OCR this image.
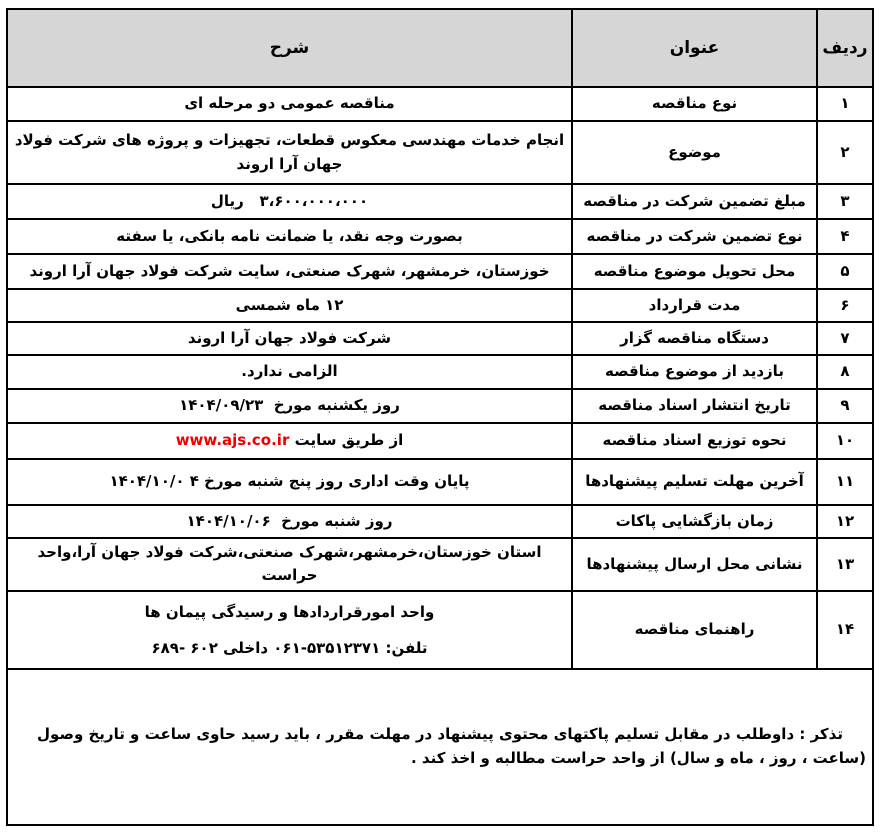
ردیف	عنوان	شرح
۱	نوع مناقصه	مناقصه عمومی دو مرحله ای
۲	موضوع	انجام خدمات مهندسی معکوس قطعات، تجهیزات و پروژه های شرکت فولاد جهان آرا اروند
۳	مبلغ تضمین شرکت در مناقصه	۳،۶۰۰،۰۰۰،۰۰۰   ریال
۴	نوع تضمین شرکت در مناقصه	بصورت وجه نقد، یا ضمانت نامه بانکی، یا سفته
۵	محل تحویل موضوع مناقصه	خوزستان، خرمشهر، شهرک صنعتی، سایت شرکت فولاد جهان آرا اروند
۶	مدت قرارداد	۱۲ ماه شمسی
۷	دستگاه مناقصه گزار	شرکت فولاد جهان آرا اروند
۸	بازدید از موضوع مناقصه	الزامی ندارد.
۹	تاریخ انتشار اسناد مناقصه	روز یکشنبه مورخ  ۱۴۰۴/۰۹/۲۳
۱۰	نحوه توزیع اسناد مناقصه	از طریق سایت www.ajs.co.ir
۱۱	آخرین مهلت تسلیم پیشنهادها	پایان وقت اداری روز پنج شنبه مورخ ۴ ۱۴۰۴/۱۰/۰
۱۲	زمان بازگشایی پاکات	روز شنبه مورخ  ۱۴۰۴/۱۰/۰۶
۱۳	نشانی محل ارسال پیشنهادها	استان خوزستان،خرمشهر،شهرک صنعتی،شرکت فولاد جهان آرا،واحد حراست
۱۴	راهنمای مناقصه	واحد امورقراردادها و رسیدگی پیمان ها
تلفن: ۵۳۵۱۲۳۷۱-۰۶۱ داخلی ۶۰۲ -۶۸۹

تذکر : داوطلب در مقابل تسلیم پاکتهای محتوی پیشنهاد در مهلت مقرر ، باید رسید حاوی ساعت و تاریخ وصول (ساعت ، روز ، ماه و سال) از واحد حراست مطالبه و اخذ کند .		
